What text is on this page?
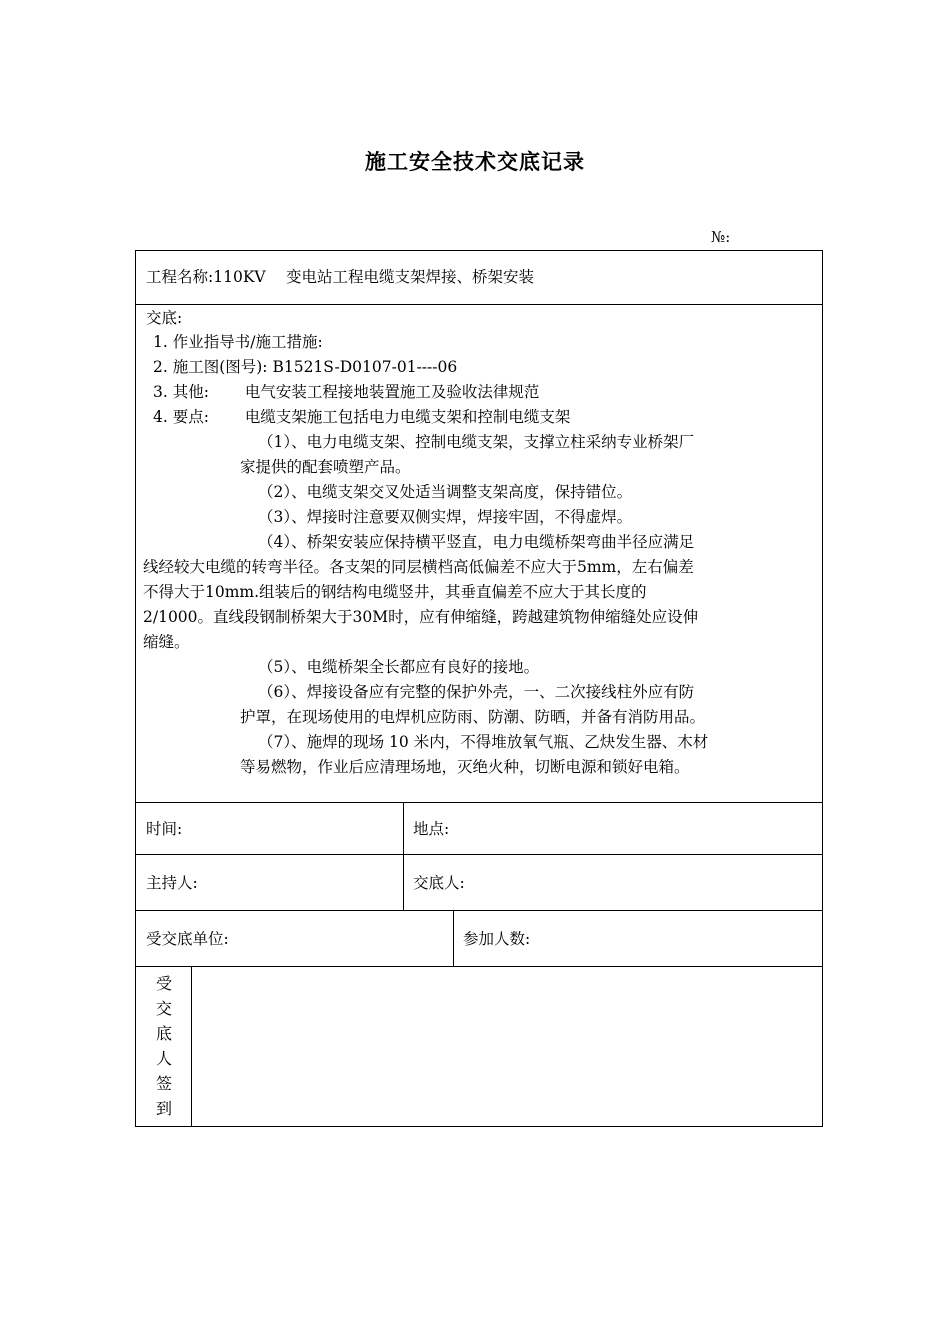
施工安全技术交底记录
№:
工程名称:110KV　 变电站工程电缆支架焊接、桥架安装
交底:
1. 作业指导书/施工措施:
2. 施工图(图号): B1521S-D0107-01----06
3. 其他:　　 电气安装工程接地装置施工及验收法律规范
4. 要点:　　 电缆支架施工包括电力电缆支架和控制电缆支架
（1）、电力电缆支架、控制电缆支架，支撑立柱采纳专业桥架厂
家提供的配套喷塑产品。
（2）、电缆支架交叉处适当调整支架高度，保持错位。
（3）、焊接时注意要双侧实焊，焊接牢固，不得虚焊。
（4）、桥架安装应保持横平竖直，电力电缆桥架弯曲半径应满足
线经较大电缆的转弯半径。各支架的同层横档高低偏差不应大于5mm，左右偏差
不得大于10mm.组装后的钢结构电缆竖井，其垂直偏差不应大于其长度的
2/1000。直线段钢制桥架大于30M时，应有伸缩缝，跨越建筑物伸缩缝处应设伸
缩缝。
（5）、电缆桥架全长都应有良好的接地。
（6）、焊接设备应有完整的保护外壳，一、二次接线柱外应有防
护罩，在现场使用的电焊机应防雨、防潮、防晒，并备有消防用品。
（7）、施焊的现场 10 米内，不得堆放氧气瓶、乙炔发生器、木材
等易燃物，作业后应清理场地，灭绝火种，切断电源和锁好电箱。
时间:	地点:
主持人:	交底人:
受交底单位:	参加人数:
受
交
底
人
签
到
